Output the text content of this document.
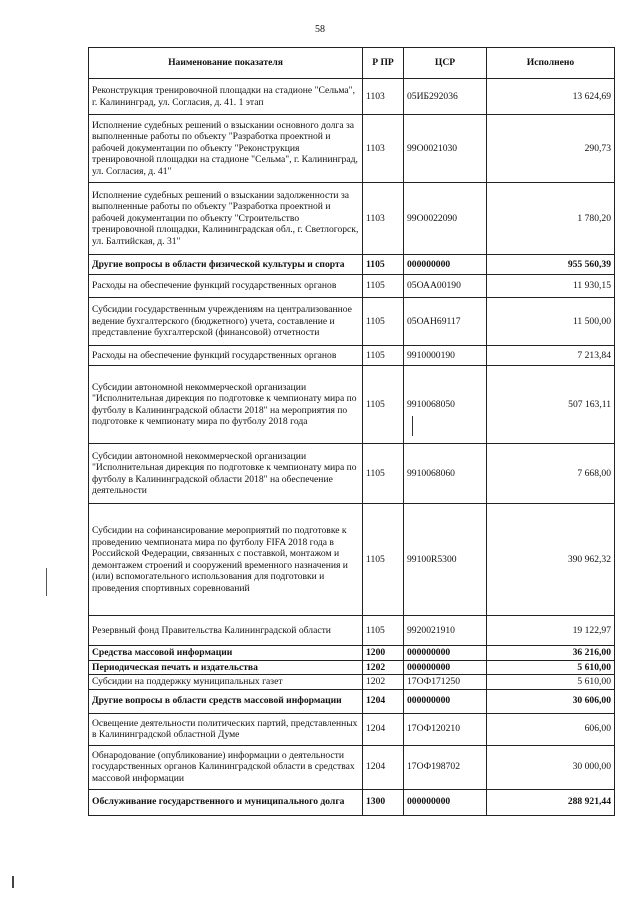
58
Наименование показателя	Р ПР	ЦСР	Исполнено
Реконструкция тренировочной площадки на стадионе "Сельма", г. Калининград, ул. Согласия, д. 41. 1 этап	1103	05ИБ292036	13 624,69
Исполнение судебных решений о взыскании основного долга за выполненные работы по объекту "Разработка проектной и рабочей документации по объекту "Реконструкция тренировочной площадки на стадионе "Сельма", г. Калининград, ул. Согласия, д. 41"	1103	99О0021030	290,73
Исполнение судебных решений о взыскании задолженности за выполненные работы по объекту "Разработка проектной и рабочей документации по объекту "Строительство тренировочной площадки, Калининградская обл., г. Светлогорск, ул. Балтийская, д. 31"	1103	99О0022090	1 780,20
Другие вопросы в области физической культуры и спорта	1105	000000000	955 560,39
Расходы на обеспечение функций государственных органов	1105	05ОАА00190	11 930,15
Субсидии государственным учреждениям на централизованное ведение бухгалтерского (бюджетного) учета, составление и представление бухгалтерской (финансовой) отчетности	1105	05ОАН69117	11 500,00
Расходы на обеспечение функций государственных органов	1105	9910000190	7 213,84
Субсидии автономной некоммерческой организации "Исполнительная дирекция по подготовке к чемпионату мира по футболу в Калининградской области 2018" на мероприятия по подготовке к чемпионату мира по футболу 2018 года	1105	9910068050	507 163,11
Субсидии автономной некоммерческой организации "Исполнительная дирекция по подготовке к чемпионату мира по футболу в Калининградской области 2018" на обеспечение деятельности	1105	9910068060	7 668,00
Субсидии на софинансирование мероприятий по подготовке к проведению чемпионата мира по футболу FIFA 2018 года в Российской Федерации, связанных с поставкой, монтажом и демонтажем строений и сооружений временного назначения и (или) вспомогательного использования для подготовки и проведения спортивных соревнований	1105	99100R5300	390 962,32
Резервный фонд Правительства Калининградской области	1105	9920021910	19 122,97
Средства массовой информации	1200	000000000	36 216,00
Периодическая печать и издательства	1202	000000000	5 610,00
Субсидии на поддержку муниципальных газет	1202	17ОФ171250	5 610,00
Другие вопросы в области средств массовой информации	1204	000000000	30 606,00
Освещение деятельности политических партий, представленных в Калининградской областной Думе	1204	17ОФ120210	606,00
Обнародование (опубликование) информации о деятельности государственных органов Калининградской области в средствах массовой информации	1204	17ОФ198702	30 000,00
Обслуживание государственного и муниципального долга	1300	000000000	288 921,44
